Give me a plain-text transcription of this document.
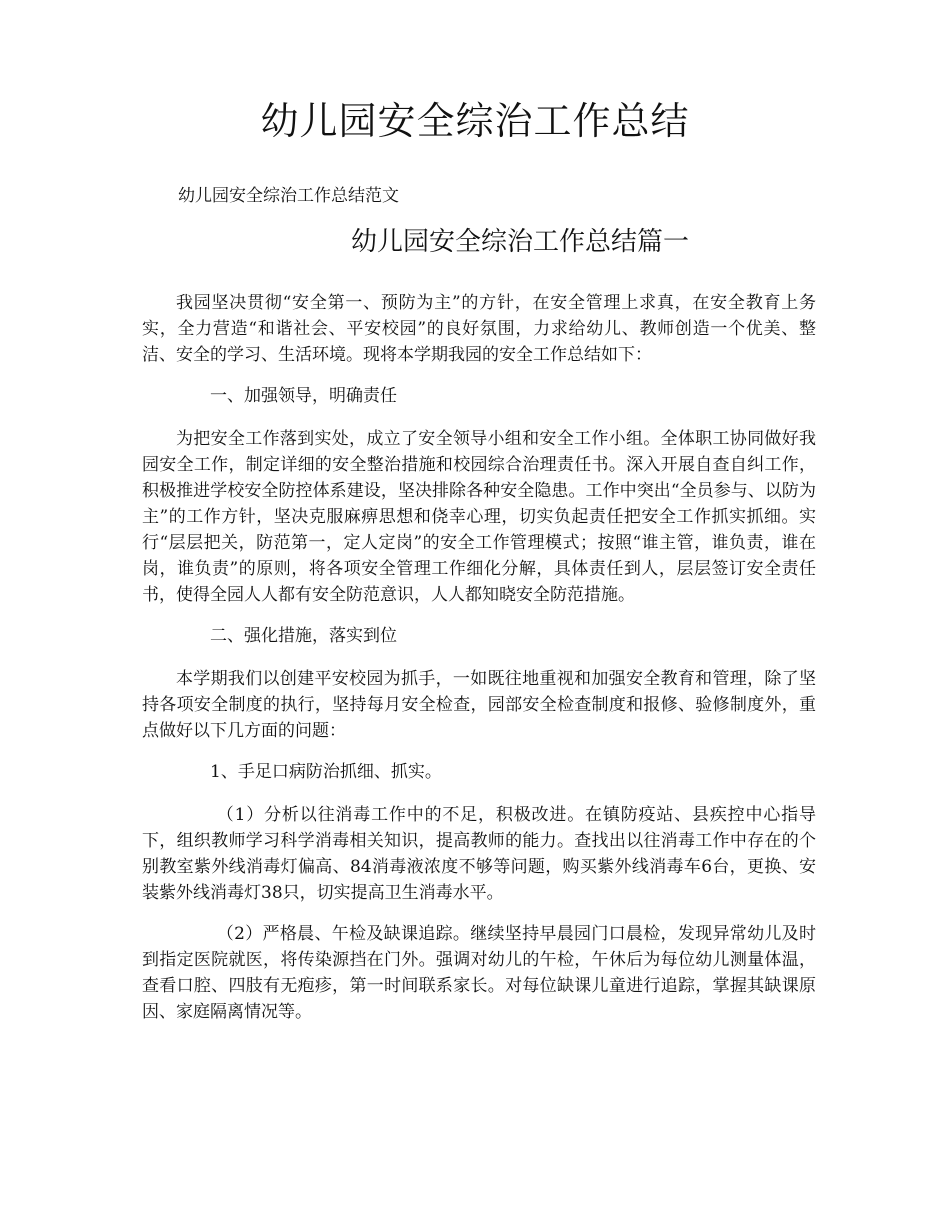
幼儿园安全综治工作总结

幼儿园安全综治工作总结范文

幼儿园安全综治工作总结篇一

我园坚决贯彻“安全第一、预防为主”的方针，在安全管理上求真，在安全教育上务实，全力营造“和谐社会、平安校园”的良好氛围，力求给幼儿、教师创造一个优美、整洁、安全的学习、生活环境。现将本学期我园的安全工作总结如下：

一、加强领导，明确责任

为把安全工作落到实处，成立了安全领导小组和安全工作小组。全体职工协同做好我园安全工作，制定详细的安全整治措施和校园综合治理责任书。深入开展自查自纠工作，积极推进学校安全防控体系建设，坚决排除各种安全隐患。工作中突出“全员参与、以防为主”的工作方针，坚决克服麻痹思想和侥幸心理，切实负起责任把安全工作抓实抓细。实行“层层把关，防范第一，定人定岗”的安全工作管理模式；按照“谁主管，谁负责，谁在岗，谁负责”的原则，将各项安全管理工作细化分解，具体责任到人，层层签订安全责任书，使得全园人人都有安全防范意识，人人都知晓安全防范措施。

二、强化措施，落实到位

本学期我们以创建平安校园为抓手，一如既往地重视和加强安全教育和管理，除了坚持各项安全制度的执行，坚持每月安全检查，园部安全检查制度和报修、验修制度外，重点做好以下几方面的问题：

1、手足口病防治抓细、抓实。

（1）分析以往消毒工作中的不足，积极改进。在镇防疫站、县疾控中心指导下，组织教师学习科学消毒相关知识，提高教师的能力。查找出以往消毒工作中存在的个别教室紫外线消毒灯偏高、84消毒液浓度不够等问题，购买紫外线消毒车6台，更换、安装紫外线消毒灯38只，切实提高卫生消毒水平。

（2）严格晨、午检及缺课追踪。继续坚持早晨园门口晨检，发现异常幼儿及时到指定医院就医，将传染源挡在门外。强调对幼儿的午检，午休后为每位幼儿测量体温，查看口腔、四肢有无疱疹，第一时间联系家长。对每位缺课儿童进行追踪，掌握其缺课原因、家庭隔离情况等。
